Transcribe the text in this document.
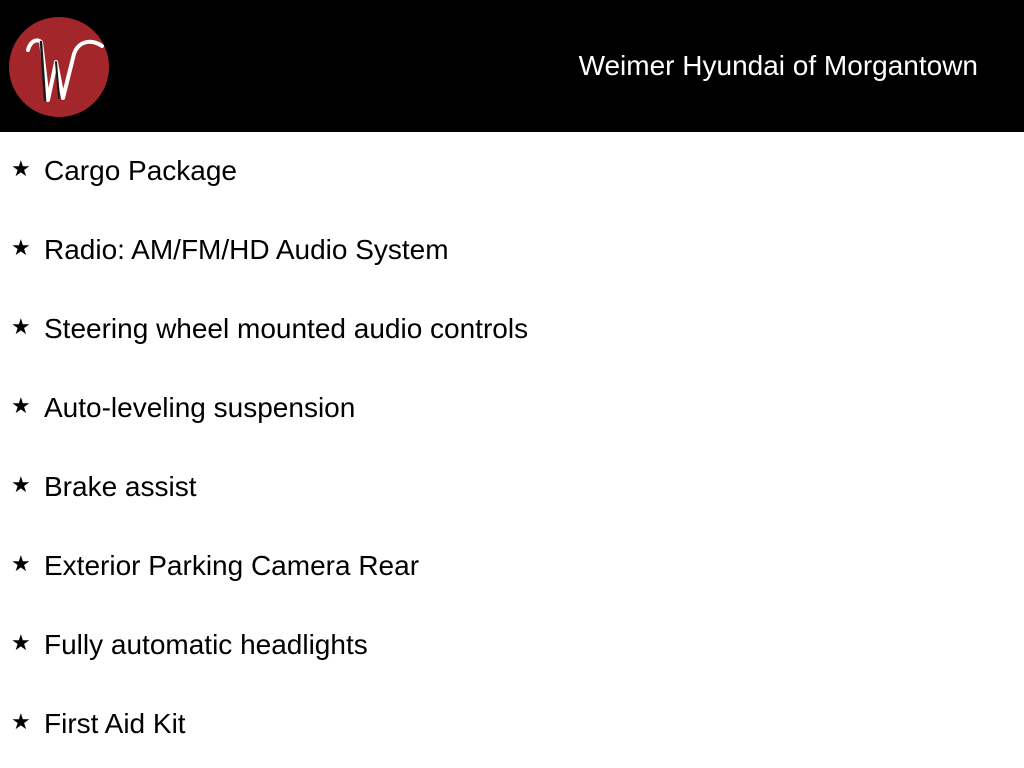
Weimer Hyundai of Morgantown
★ Cargo Package
★ Radio: AM/FM/HD Audio System
★ Steering wheel mounted audio controls
★ Auto-leveling suspension
★ Brake assist
★ Exterior Parking Camera Rear
★ Fully automatic headlights
★ First Aid Kit
